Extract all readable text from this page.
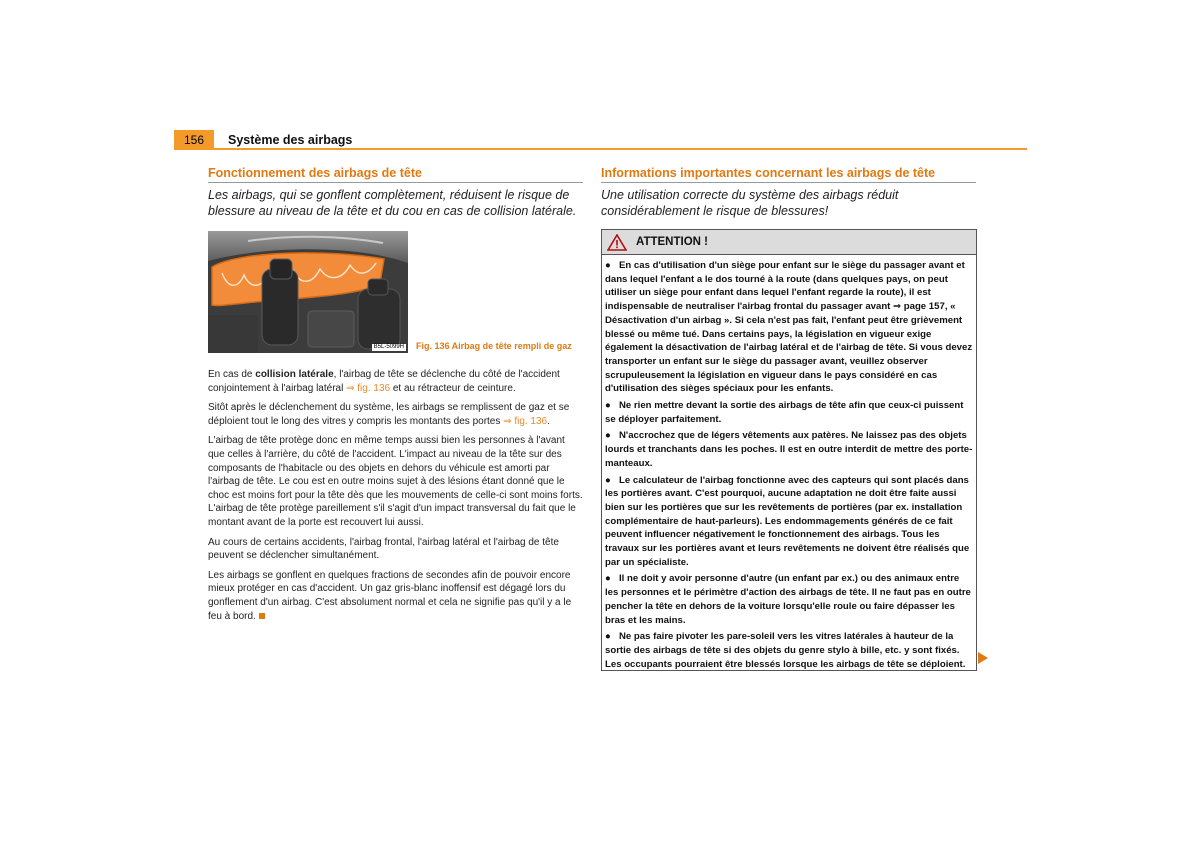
156	Système des airbags
Fonctionnement des airbags de tête
Les airbags, qui se gonflent complètement, réduisent le risque de blessure au niveau de la tête et du cou en cas de collision latérale.
B5L-5099H Fig. 136 Airbag de tête rempli de gaz

En cas de collision latérale, l'airbag de tête se déclenche du côté de l'accident conjointement à l'airbag latéral ⇒ fig. 136 et au rétracteur de ceinture.

Sitôt après le déclenchement du système, les airbags se remplissent de gaz et se déploient tout le long des vitres y compris les montants des portes ⇒ fig. 136.

L'airbag de tête protège donc en même temps aussi bien les personnes à l'avant que celles à l'arrière, du côté de l'accident. L'impact au niveau de la tête sur des composants de l'habitacle ou des objets en dehors du véhicule est amorti par l'airbag de tête. Le cou est en outre moins sujet à des lésions étant donné que le choc est moins fort pour la tête dès que les mouvements de celle-ci sont moins forts. L'airbag de tête protège pareillement s'il s'agit d'un impact transversal du fait que le montant avant de la porte est recouvert lui aussi.

Au cours de certains accidents, l'airbag frontal, l'airbag latéral et l'airbag de tête peuvent se déclencher simultanément.

Les airbags se gonflent en quelques fractions de secondes afin de pouvoir encore mieux protéger en cas d'accident. Un gaz gris-blanc inoffensif est dégagé lors du gonflement d'un airbag. C'est absolument normal et cela ne signifie pas qu'il y a le feu à bord.

Informations importantes concernant les airbags de tête
Une utilisation correcte du système des airbags réduit considérablement le risque de blessures!
ATTENTION !

● En cas d'utilisation d'un siège pour enfant sur le siège du passager avant et dans lequel l'enfant a le dos tourné à la route (dans quelques pays, on peut utiliser un siège pour enfant dans lequel l'enfant regarde la route), il est indispensable de neutraliser l'airbag frontal du passager avant ⇒ page 157, « Désactivation d'un airbag ». Si cela n'est pas fait, l'enfant peut être grièvement blessé ou même tué. Dans certains pays, la législation en vigueur exige également la désactivation de l'airbag latéral et de l'airbag de tête. Si vous devez transporter un enfant sur le siège du passager avant, veuillez observer scrupuleusement la législation en vigueur dans le pays considéré en cas d'utilisation des sièges spéciaux pour les enfants.

● Ne rien mettre devant la sortie des airbags de tête afin que ceux-ci puissent se déployer parfaitement.

● N'accrochez que de légers vêtements aux patères. Ne laissez pas des objets lourds et tranchants dans les poches. Il est en outre interdit de mettre des porte-manteaux.

● Le calculateur de l'airbag fonctionne avec des capteurs qui sont placés dans les portières avant. C'est pourquoi, aucune adaptation ne doit être faite aussi bien sur les portières que sur les revêtements de portières (par ex. installation complémentaire de haut-parleurs). Les endommagements générés de ce fait peuvent influencer négativement le fonctionnement des airbags. Tous les travaux sur les portières avant et leurs revêtements ne doivent être réalisés que par un spécialiste.

● Il ne doit y avoir personne d'autre (un enfant par ex.) ou des animaux entre les personnes et le périmètre d'action des airbags de tête. Il ne faut pas en outre pencher la tête en dehors de la voiture lorsqu'elle roule ou faire dépasser les bras et les mains.

● Ne pas faire pivoter les pare-soleil vers les vitres latérales à hauteur de la sortie des airbags de tête si des objets du genre stylo à bille, etc. y sont fixés. Les occupants pourraient être blessés lorsque les airbags de tête se déploient.
